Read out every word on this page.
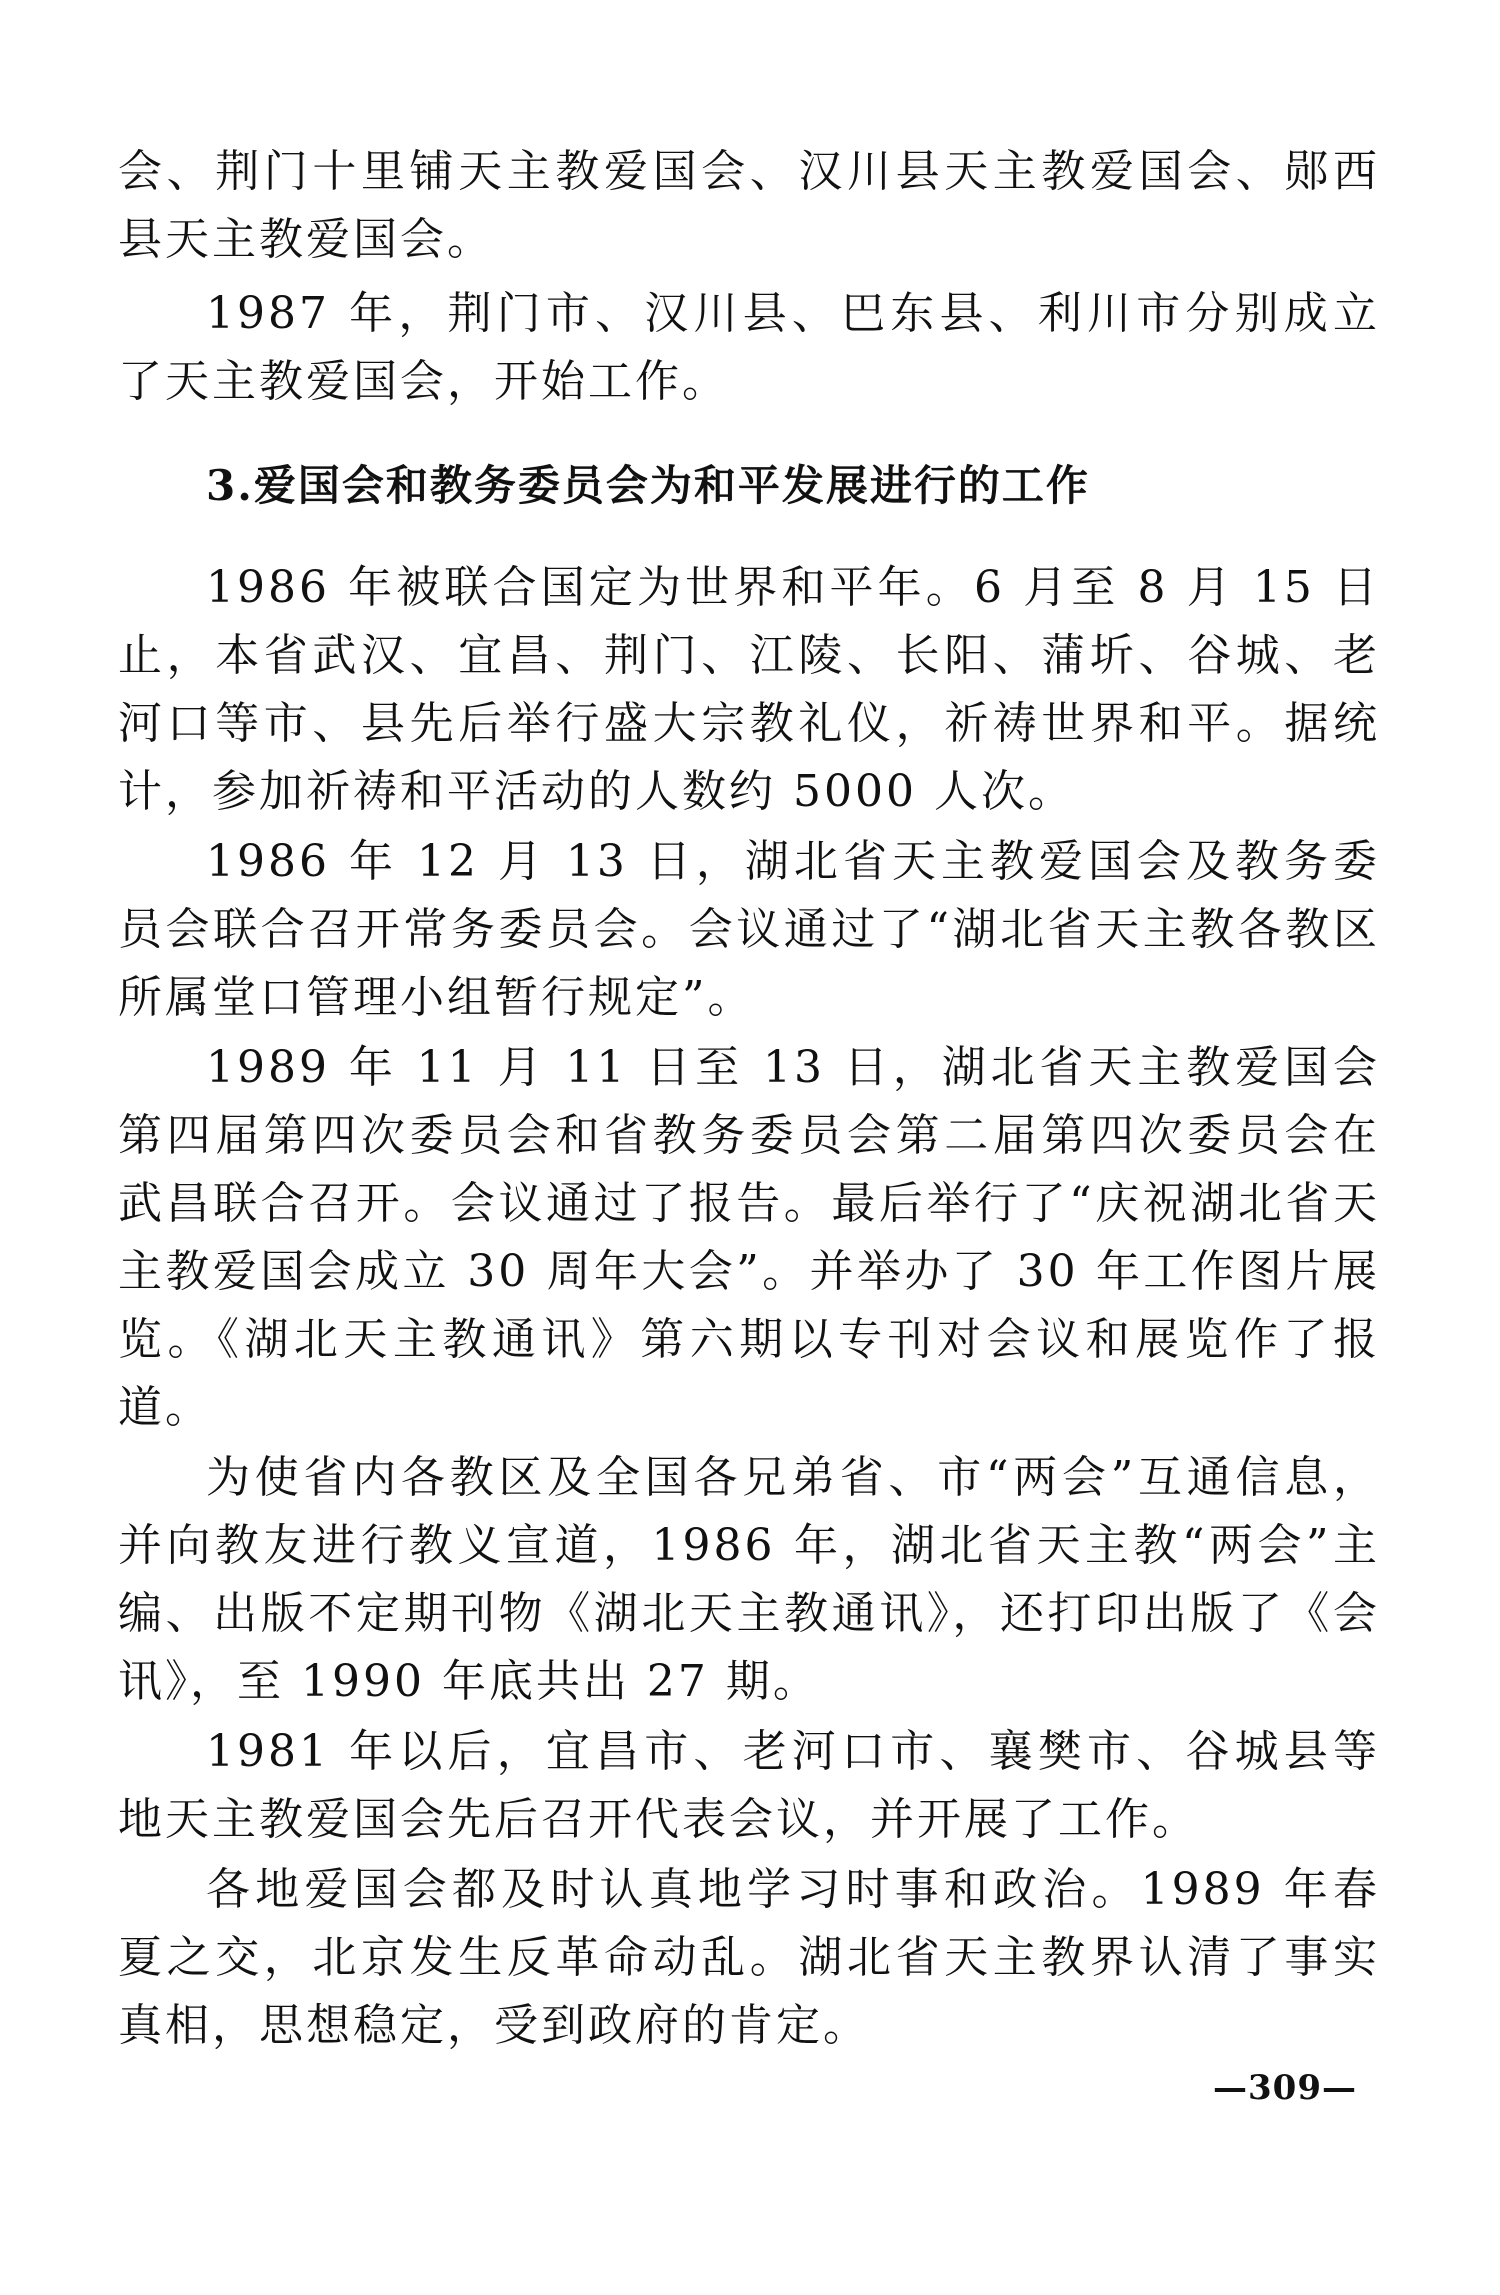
会、荆门十里铺天主教爱国会、汉川县天主教爱国会、郧西县天主教爱国会。

1987 年，荆门市、汉川县、巴东县、利川市分别成立了天主教爱国会，开始工作。

3.爱国会和教务委员会为和平发展进行的工作

1986 年被联合国定为世界和平年。6 月至 8 月 15 日止，本省武汉、宜昌、荆门、江陵、长阳、蒲圻、谷城、老河口等市、县先后举行盛大宗教礼仪，祈祷世界和平。据统计，参加祈祷和平活动的人数约 5000 人次。

1986 年 12 月 13 日，湖北省天主教爱国会及教务委员会联合召开常务委员会。会议通过了“湖北省天主教各教区所属堂口管理小组暂行规定”。

1989 年 11 月 11 日至 13 日，湖北省天主教爱国会第四届第四次委员会和省教务委员会第二届第四次委员会在武昌联合召开。会议通过了报告。最后举行了“庆祝湖北省天主教爱国会成立 30 周年大会”。并举办了 30 年工作图片展览。《湖北天主教通讯》第六期以专刊对会议和展览作了报道。

为使省内各教区及全国各兄弟省、市“两会”互通信息，并向教友进行教义宣道，1986 年，湖北省天主教“两会”主编、出版不定期刊物《湖北天主教通讯》，还打印出版了《会讯》，至 1990 年底共出 27 期。

1981 年以后，宜昌市、老河口市、襄樊市、谷城县等地天主教爱国会先后召开代表会议，并开展了工作。

各地爱国会都及时认真地学习时事和政治。1989 年春夏之交，北京发生反革命动乱。湖北省天主教界认清了事实真相，思想稳定，受到政府的肯定。

—309—
